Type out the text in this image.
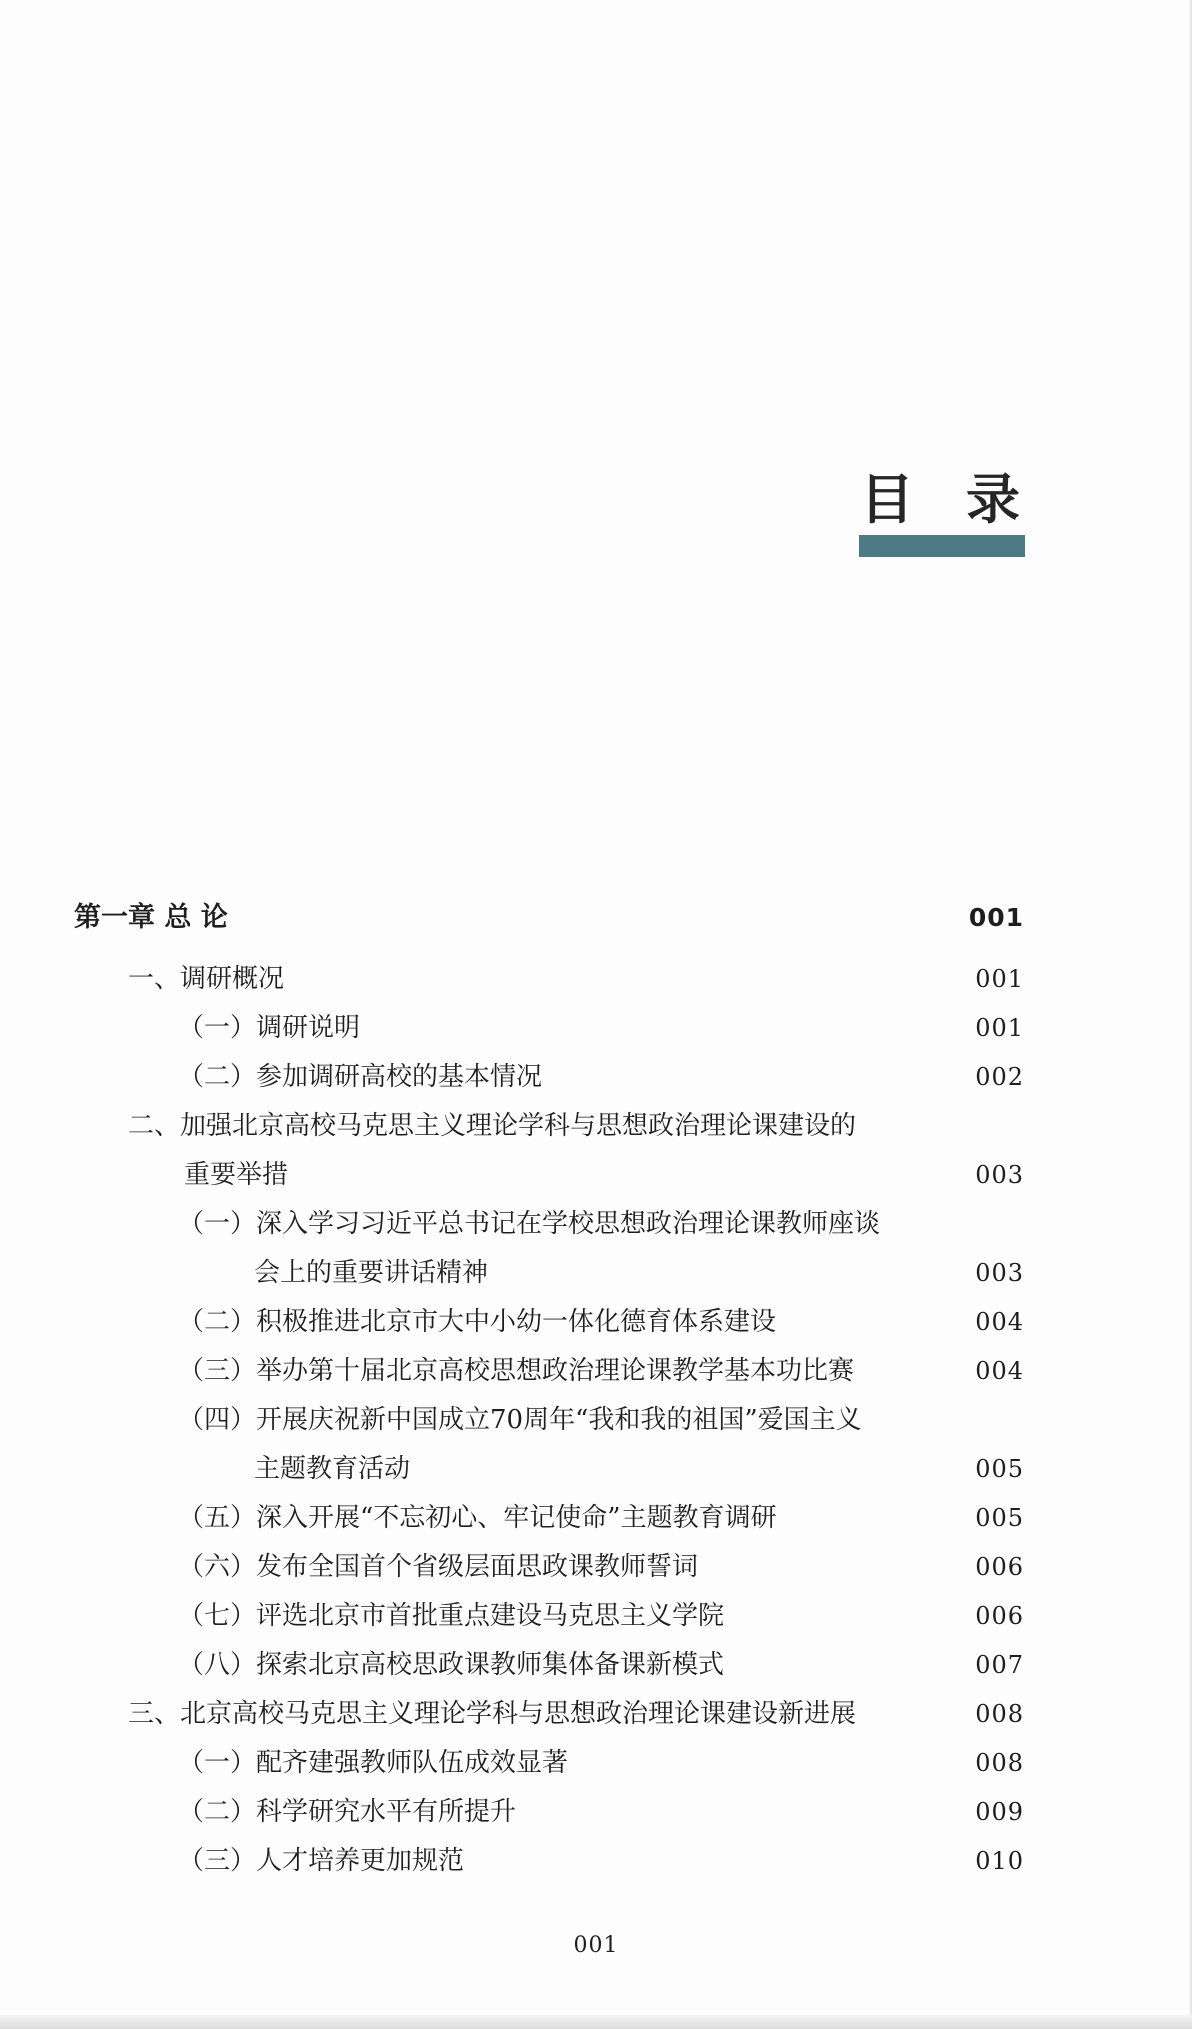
目录
第一章 总 论	001
一、调研概况	001
（一）调研说明	001
（二）参加调研高校的基本情况	002
二、加强北京高校马克思主义理论学科与思想政治理论课建设的
重要举措	003
（一）深入学习习近平总书记在学校思想政治理论课教师座谈
会上的重要讲话精神	003
（二）积极推进北京市大中小幼一体化德育体系建设	004
（三）举办第十届北京高校思想政治理论课教学基本功比赛	004
（四）开展庆祝新中国成立70周年“我和我的祖国”爱国主义
主题教育活动	005
（五）深入开展“不忘初心、牢记使命”主题教育调研	005
（六）发布全国首个省级层面思政课教师誓词	006
（七）评选北京市首批重点建设马克思主义学院	006
（八）探索北京高校思政课教师集体备课新模式	007
三、北京高校马克思主义理论学科与思想政治理论课建设新进展	008
（一）配齐建强教师队伍成效显著	008
（二）科学研究水平有所提升	009
（三）人才培养更加规范	010
001
